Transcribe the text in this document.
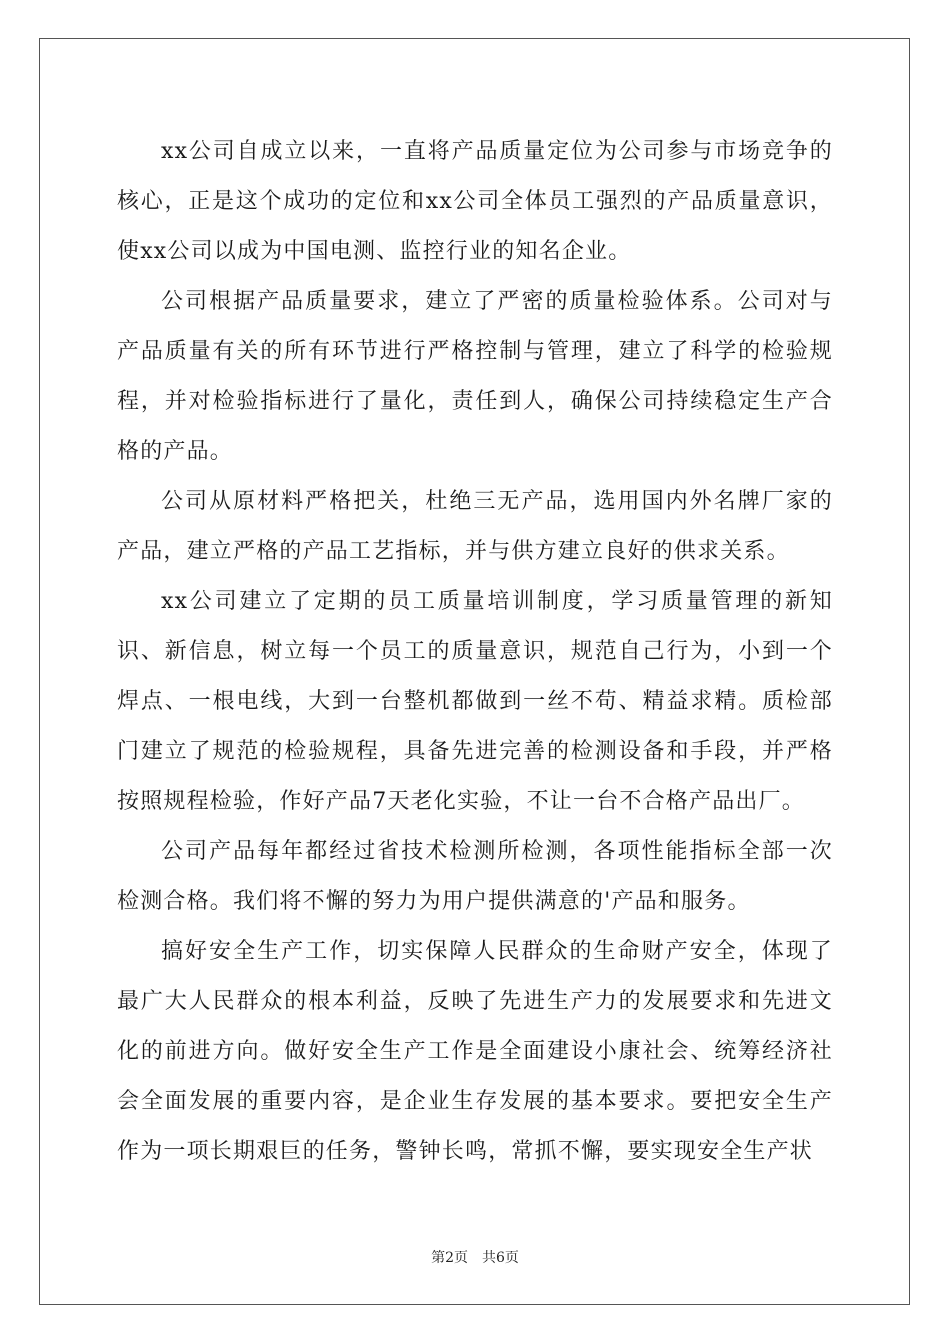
xx公司自成立以来，一直将产品质量定位为公司参与市场竞争的核心，正是这个成功的定位和xx公司全体员工强烈的产品质量意识，使xx公司以成为中国电测、监控行业的知名企业。

公司根据产品质量要求，建立了严密的质量检验体系。公司对与产品质量有关的所有环节进行严格控制与管理，建立了科学的检验规程，并对检验指标进行了量化，责任到人，确保公司持续稳定生产合格的产品。

公司从原材料严格把关，杜绝三无产品，选用国内外名牌厂家的产品，建立严格的产品工艺指标，并与供方建立良好的供求关系。

xx公司建立了定期的员工质量培训制度，学习质量管理的新知识、新信息，树立每一个员工的质量意识，规范自己行为，小到一个焊点、一根电线，大到一台整机都做到一丝不苟、精益求精。质检部门建立了规范的检验规程，具备先进完善的检测设备和手段，并严格按照规程检验，作好产品7天老化实验，不让一台不合格产品出厂。

公司产品每年都经过省技术检测所检测，各项性能指标全部一次检测合格。我们将不懈的努力为用户提供满意的'产品和服务。

搞好安全生产工作，切实保障人民群众的生命财产安全，体现了最广大人民群众的根本利益，反映了先进生产力的发展要求和先进文化的前进方向。做好安全生产工作是全面建设小康社会、统筹经济社会全面发展的重要内容，是企业生存发展的基本要求。要把安全生产作为一项长期艰巨的任务，警钟长鸣，常抓不懈，要实现安全生产状

第2页 共6页
